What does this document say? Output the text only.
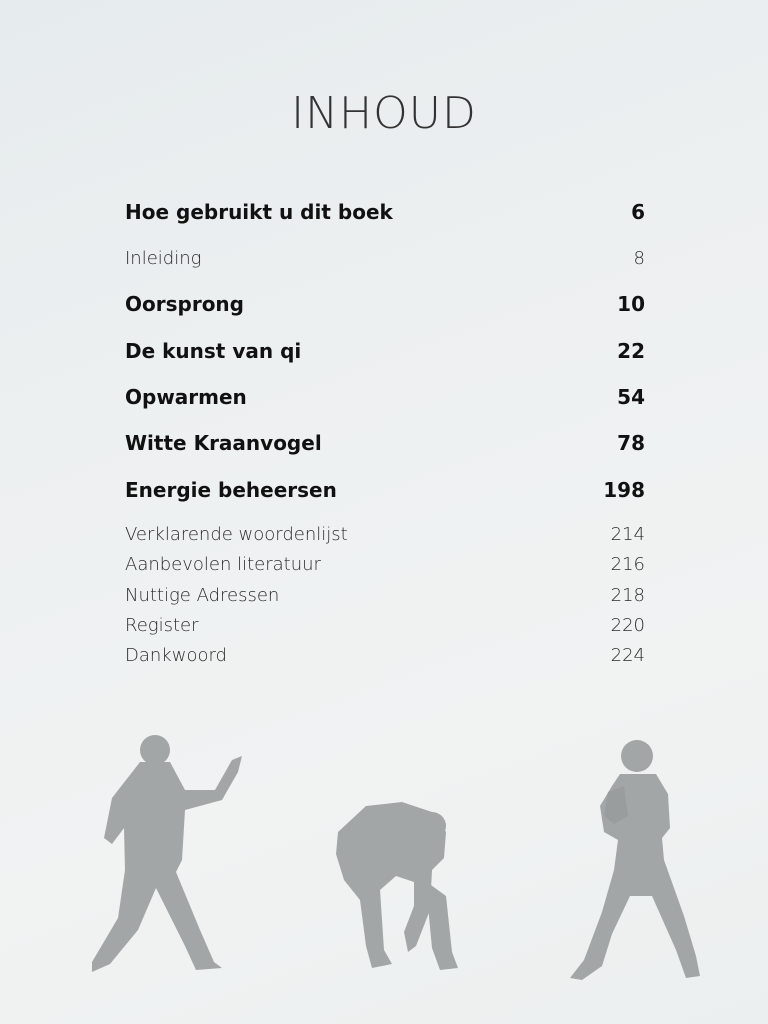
INHOUD
Hoe gebruikt u dit boek	6
Inleiding	8
Oorsprong	10
De kunst van qi	22
Opwarmen	54
Witte Kraanvogel	78
Energie beheersen	198
Verklarende woordenlijst	214
Aanbevolen literatuur	216
Nuttige Adressen	218
Register	220
Dankwoord	224
